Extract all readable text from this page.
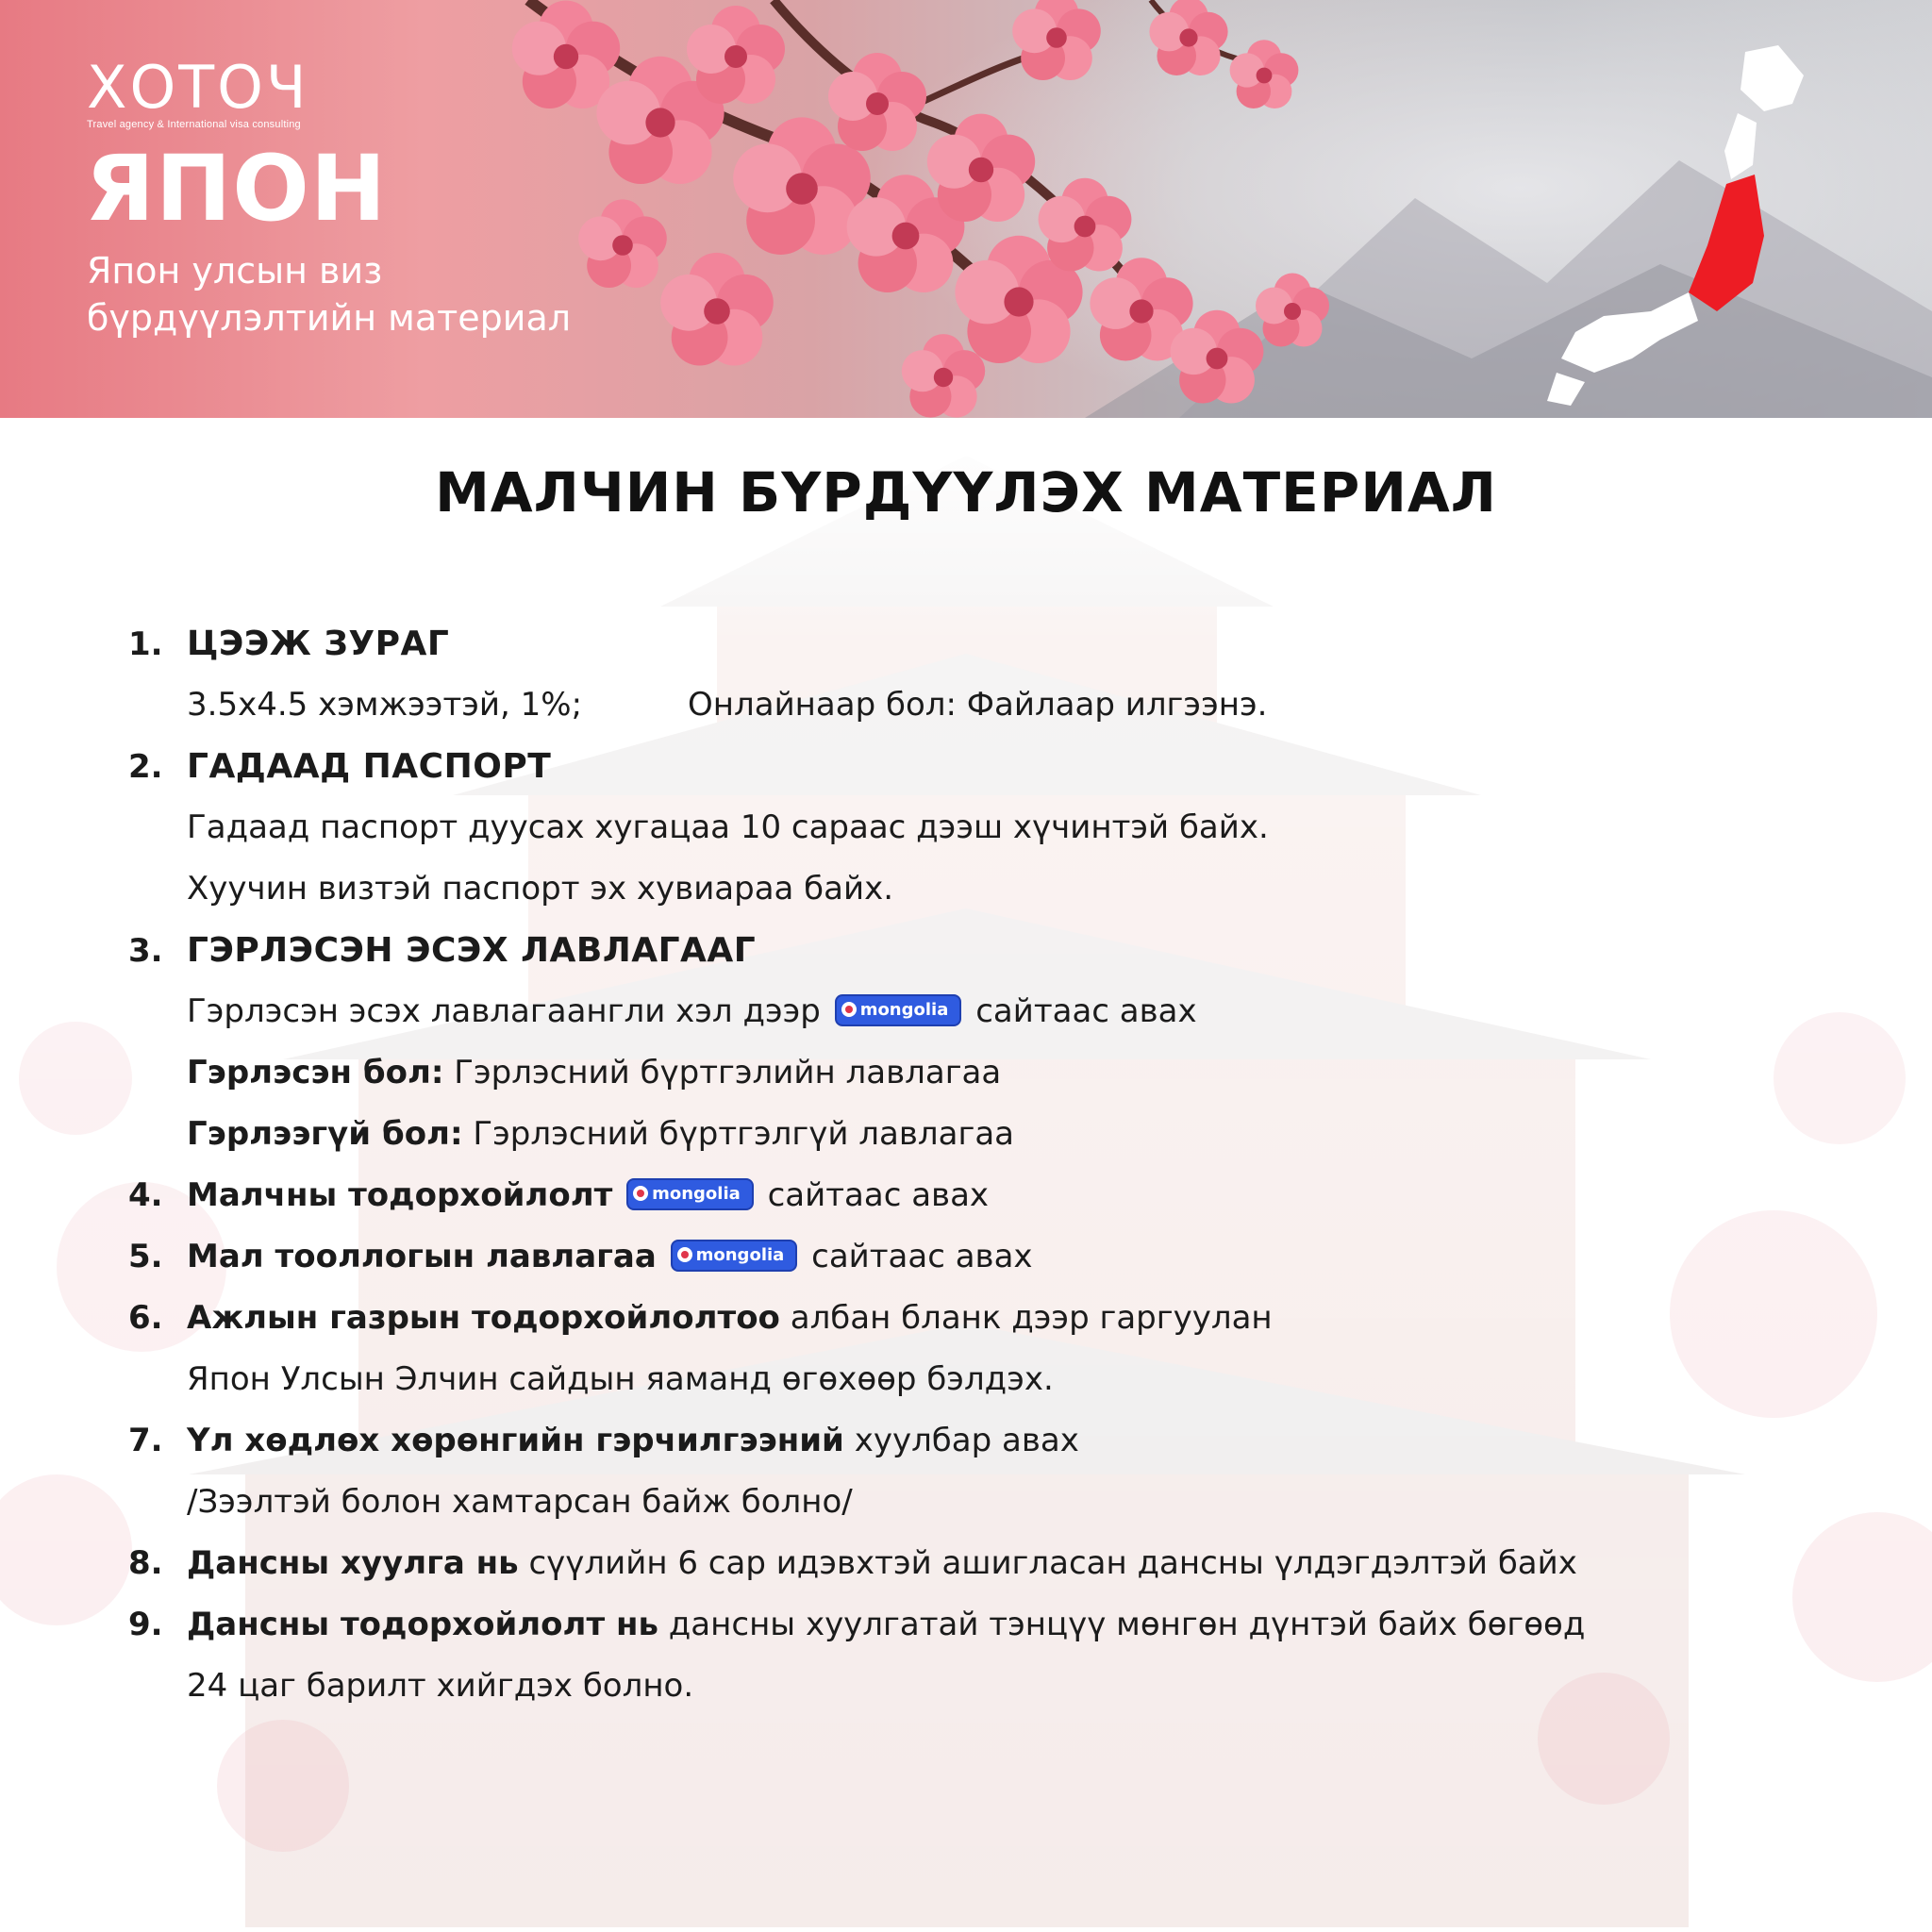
ХОТОЧ
Travel agency & International visa consulting
ЯПОН
Япон улсын виз
бүрдүүлэлтийн материал
МАЛЧИН БҮРДҮҮЛЭХ МАТЕРИАЛ
1. ЦЭЭЖ ЗУРАГ
3.5х4.5 хэмжээтэй, 1%;	Онлайнаар бол: Файлаар илгээнэ.
2. ГАДААД ПАСПОРТ
Гадаад паспорт дуусах хугацаа 10 сараас дээш хүчинтэй байх.
Хуучин визтэй паспорт эх хувиараа байх.
3. ГЭРЛЭСЭН ЭСЭХ ЛАВЛАГААГ
Гэрлэсэн эсэх лавлагаангли хэл дээр mongolia сайтаас авах
Гэрлэсэн бол: Гэрлэсний бүртгэлийн лавлагаа
Гэрлээгүй бол: Гэрлэсний бүртгэлгүй лавлагаа
4. Малчны тодорхойлолт mongolia сайтаас авах
5. Мал тооллогын лавлагаа mongolia сайтаас авах
6. Ажлын газрын тодорхойлолтоо албан бланк дээр гаргуулан
Япон Улсын Элчин сайдын яаманд өгөхөөр бэлдэх.
7. Үл хөдлөх хөрөнгийн гэрчилгээний хуулбар авах
/Зээлтэй болон хамтарсан байж болно/
8. Дансны хуулга нь сүүлийн 6 сар идэвхтэй ашигласан дансны үлдэгдэлтэй байх
9. Дансны тодорхойлолт нь дансны хуулгатай тэнцүү мөнгөн дүнтэй байх бөгөөд
24 цаг барилт хийгдэх болно.
